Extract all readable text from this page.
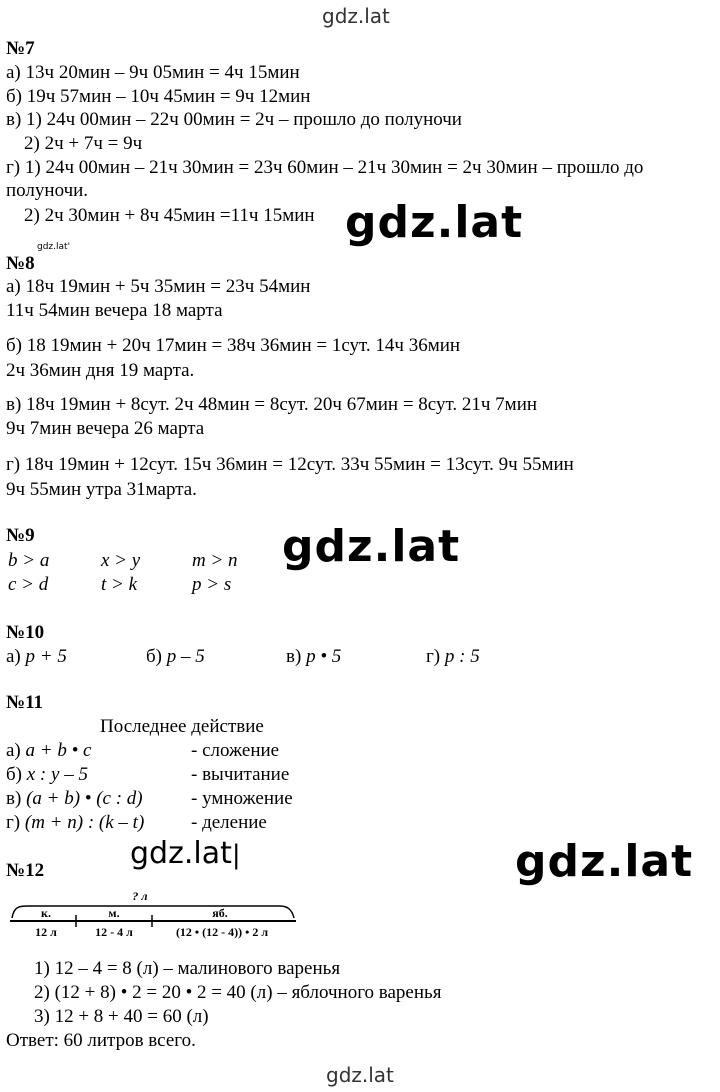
gdz.lat
gdz.lat
gdz.lat'
gdz.lat
gdz.lat|	gdz.lat
gdz.lat
№7
а) 13ч 20мин – 9ч 05мин = 4ч 15мин
б) 19ч 57мин – 10ч 45мин = 9ч 12мин
в) 1) 24ч 00мин – 22ч 00мин = 2ч – прошло до полуночи
2) 2ч + 7ч = 9ч
г) 1) 24ч 00мин – 21ч 30мин = 23ч 60мин – 21ч 30мин = 2ч 30мин – прошло до
полуночи.
2) 2ч 30мин + 8ч 45мин =11ч 15мин
№8
а) 18ч 19мин + 5ч 35мин = 23ч 54мин
11ч 54мин вечера 18 марта
б) 18 19мин + 20ч 17мин = 38ч 36мин = 1сут. 14ч 36мин
2ч 36мин дня 19 марта.
в) 18ч 19мин + 8сут. 2ч 48мин = 8сут. 20ч 67мин = 8сут. 21ч 7мин
9ч 7мин вечера 26 марта
г) 18ч 19мин + 12сут. 15ч 36мин = 12сут. 33ч 55мин = 13сут. 9ч 55мин
9ч 55мин утра 31марта.
№9
b > a	x > y	m > n
c > d	t > k	p > s
№10
а) p + 5	б) p – 5	в) p • 5	г) p : 5
№11
Последнее действие
а) a + b • c	- сложение
б) x : y – 5	- вычитание
в) (a + b) • (c : d)	- умножение
г) (m + n) : (k – t) - деление
№12
? л
к.	м.	яб.
12 л	12 - 4 л	(12 • (12 - 4)) • 2 л
1) 12 – 4 = 8 (л) – малинового варенья
2) (12 + 8) • 2 = 20 • 2 = 40 (л) – яблочного варенья
3) 12 + 8 + 40 = 60 (л)
Ответ: 60 литров всего.
